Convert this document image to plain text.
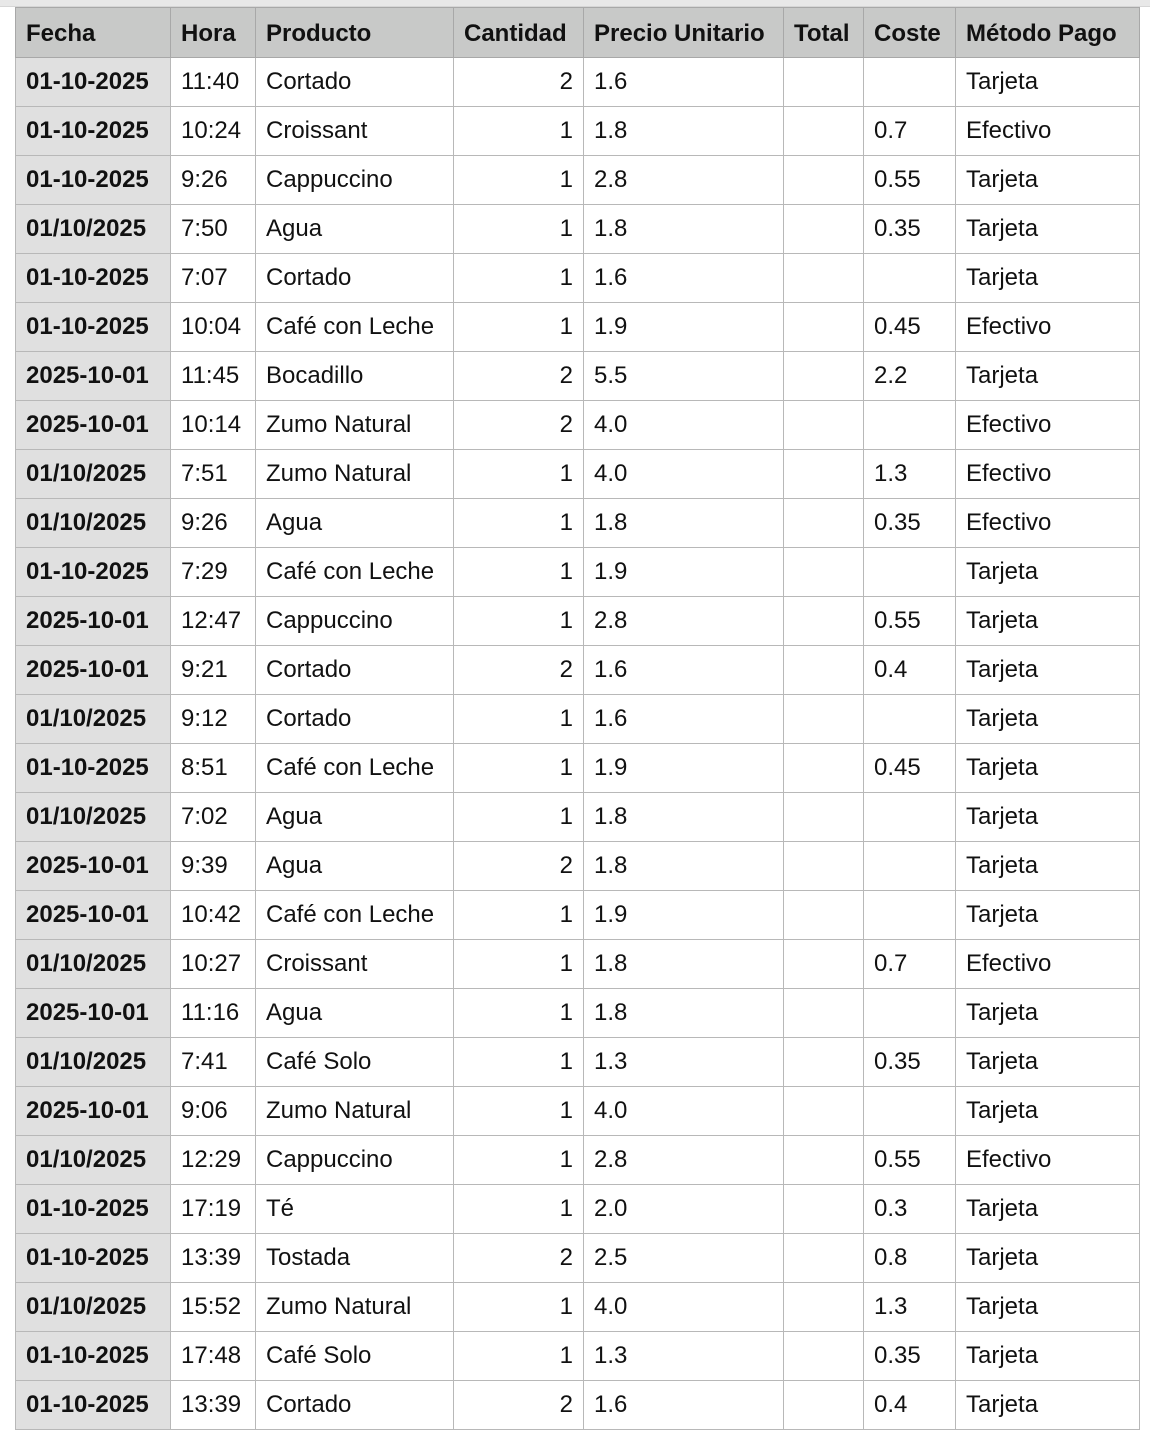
Fecha	Hora	Producto	Cantidad	Precio Unitario	Total	Coste	Método Pago
01-10-2025	11:40	Cortado	2	1.6			Tarjeta
01-10-2025	10:24	Croissant	1	1.8		0.7	Efectivo
01-10-2025	9:26	Cappuccino	1	2.8		0.55	Tarjeta
01/10/2025	7:50	Agua	1	1.8		0.35	Tarjeta
01-10-2025	7:07	Cortado	1	1.6			Tarjeta
01-10-2025	10:04	Café con Leche	1	1.9		0.45	Efectivo
2025-10-01	11:45	Bocadillo	2	5.5		2.2	Tarjeta
2025-10-01	10:14	Zumo Natural	2	4.0			Efectivo
01/10/2025	7:51	Zumo Natural	1	4.0		1.3	Efectivo
01/10/2025	9:26	Agua	1	1.8		0.35	Efectivo
01-10-2025	7:29	Café con Leche	1	1.9			Tarjeta
2025-10-01	12:47	Cappuccino	1	2.8		0.55	Tarjeta
2025-10-01	9:21	Cortado	2	1.6		0.4	Tarjeta
01/10/2025	9:12	Cortado	1	1.6			Tarjeta
01-10-2025	8:51	Café con Leche	1	1.9		0.45	Tarjeta
01/10/2025	7:02	Agua	1	1.8			Tarjeta
2025-10-01	9:39	Agua	2	1.8			Tarjeta
2025-10-01	10:42	Café con Leche	1	1.9			Tarjeta
01/10/2025	10:27	Croissant	1	1.8		0.7	Efectivo
2025-10-01	11:16	Agua	1	1.8			Tarjeta
01/10/2025	7:41	Café Solo	1	1.3		0.35	Tarjeta
2025-10-01	9:06	Zumo Natural	1	4.0			Tarjeta
01/10/2025	12:29	Cappuccino	1	2.8		0.55	Efectivo
01-10-2025	17:19	Té	1	2.0		0.3	Tarjeta
01-10-2025	13:39	Tostada	2	2.5		0.8	Tarjeta
01/10/2025	15:52	Zumo Natural	1	4.0		1.3	Tarjeta
01-10-2025	17:48	Café Solo	1	1.3		0.35	Tarjeta
01-10-2025	13:39	Cortado	2	1.6		0.4	Tarjeta
